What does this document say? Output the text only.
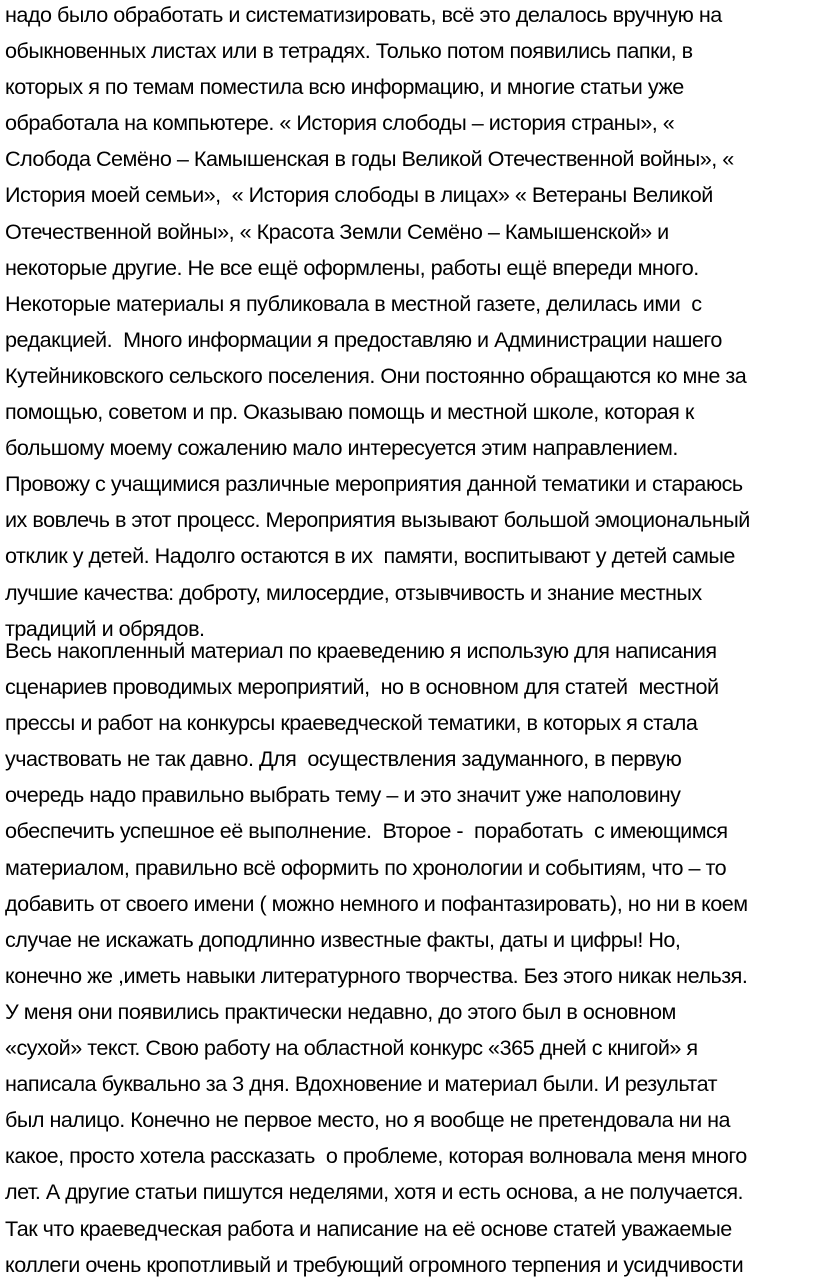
надо было обработать и систематизировать, всё это делалось вручную на
обыкновенных листах или в тетрадях. Только потом появились папки, в
которых я по темам поместила всю информацию, и многие статьи уже
обработала на компьютере. « История слободы – история страны», «
Слобода Семёно – Камышенская в годы Великой Отечественной войны», «
История моей семьи»,  « История слободы в лицах» « Ветераны Великой
Отечественной войны», « Красота Земли Семёно – Камышенской» и
некоторые другие. Не все ещё оформлены, работы ещё впереди много.
Некоторые материалы я публиковала в местной газете, делилась ими  с
редакцией.  Много информации я предоставляю и Администрации нашего
Кутейниковского сельского поселения. Они постоянно обращаются ко мне за
помощью, советом и пр. Оказываю помощь и местной школе, которая к
большому моему сожалению мало интересуется этим направлением.
Провожу с учащимися различные мероприятия данной тематики и стараюсь
их вовлечь в этот процесс. Мероприятия вызывают большой эмоциональный
отклик у детей. Надолго остаются в их  памяти, воспитывают у детей самые
лучшие качества: доброту, милосердие, отзывчивость и знание местных
традиций и обрядов.

Весь накопленный материал по краеведению я использую для написания
сценариев проводимых мероприятий,  но в основном для статей  местной
прессы и работ на конкурсы краеведческой тематики, в которых я стала
участвовать не так давно. Для  осуществления задуманного, в первую
очередь надо правильно выбрать тему – и это значит уже наполовину
обеспечить успешное её выполнение.  Второе -  поработать  с имеющимся
материалом, правильно всё оформить по хронологии и событиям, что – то
добавить от своего имени ( можно немного и пофантазировать), но ни в коем
случае не искажать доподлинно известные факты, даты и цифры! Но,
конечно же ,иметь навыки литературного творчества. Без этого никак нельзя.
У меня они появились практически недавно, до этого был в основном
«сухой» текст. Свою работу на областной конкурс «365 дней с книгой» я
написала буквально за 3 дня. Вдохновение и материал были. И результат
был налицо. Конечно не первое место, но я вообще не претендовала ни на
какое, просто хотела рассказать  о проблеме, которая волновала меня много
лет. А другие статьи пишутся неделями, хотя и есть основа, а не получается.
Так что краеведческая работа и написание на её основе статей уважаемые
коллеги очень кропотливый и требующий огромного терпения и усидчивости
